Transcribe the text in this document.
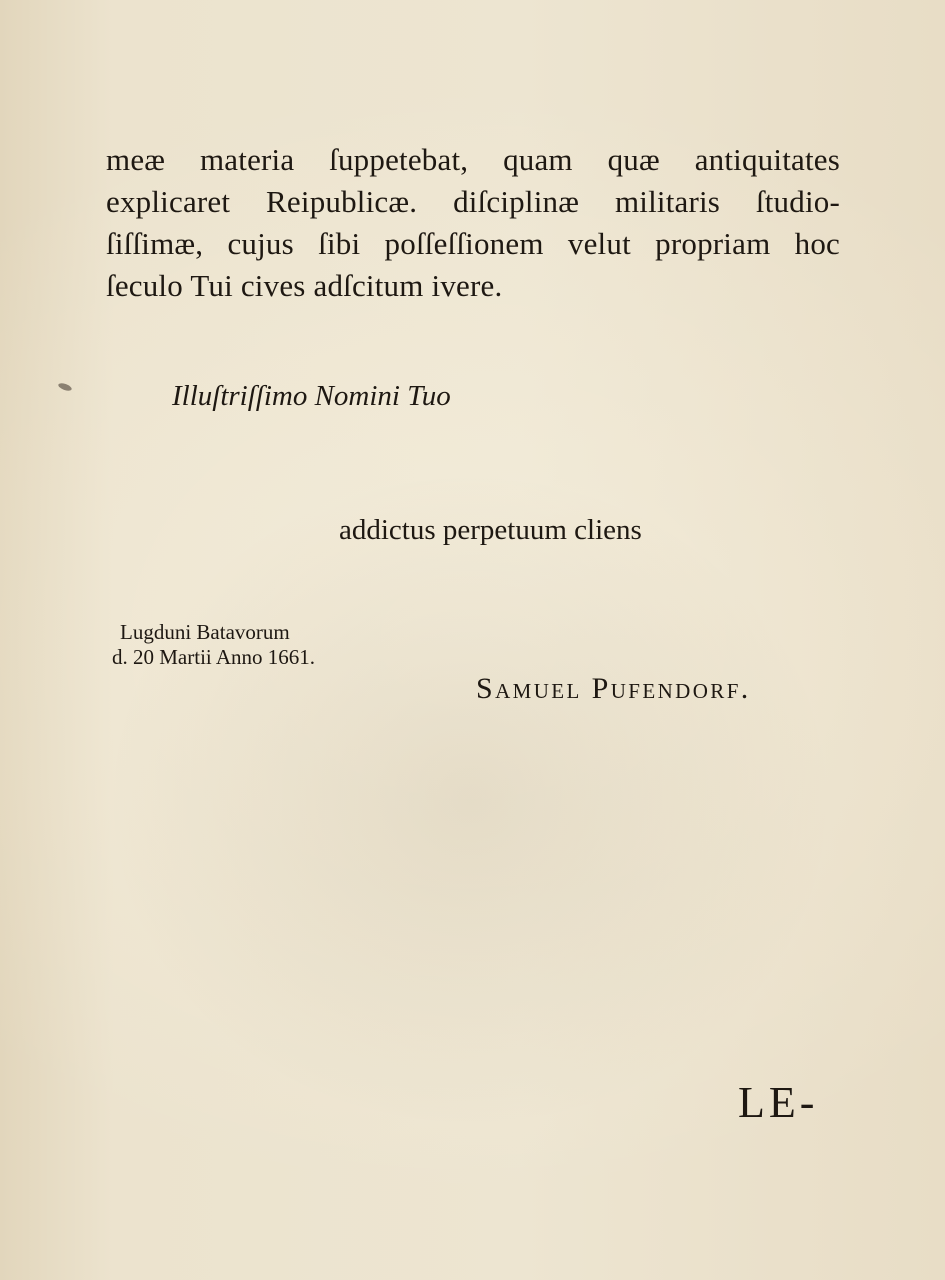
meæ materia ſuppetebat, quam quæ antiquitates
explicaret Reipublicæ. diſciplinæ militaris ſtudio-
ſiſſimæ, cujus ſibi poſſeſſionem velut propriam hoc
ſeculo Tui cives adſcitum ivere.

Illuſtriſſimo Nomini Tuo
addictus perpetuum cliens
Lugduni Batavorum
d. 20 Martii Anno 1661.
Samuel Pufendorf.
LE-
